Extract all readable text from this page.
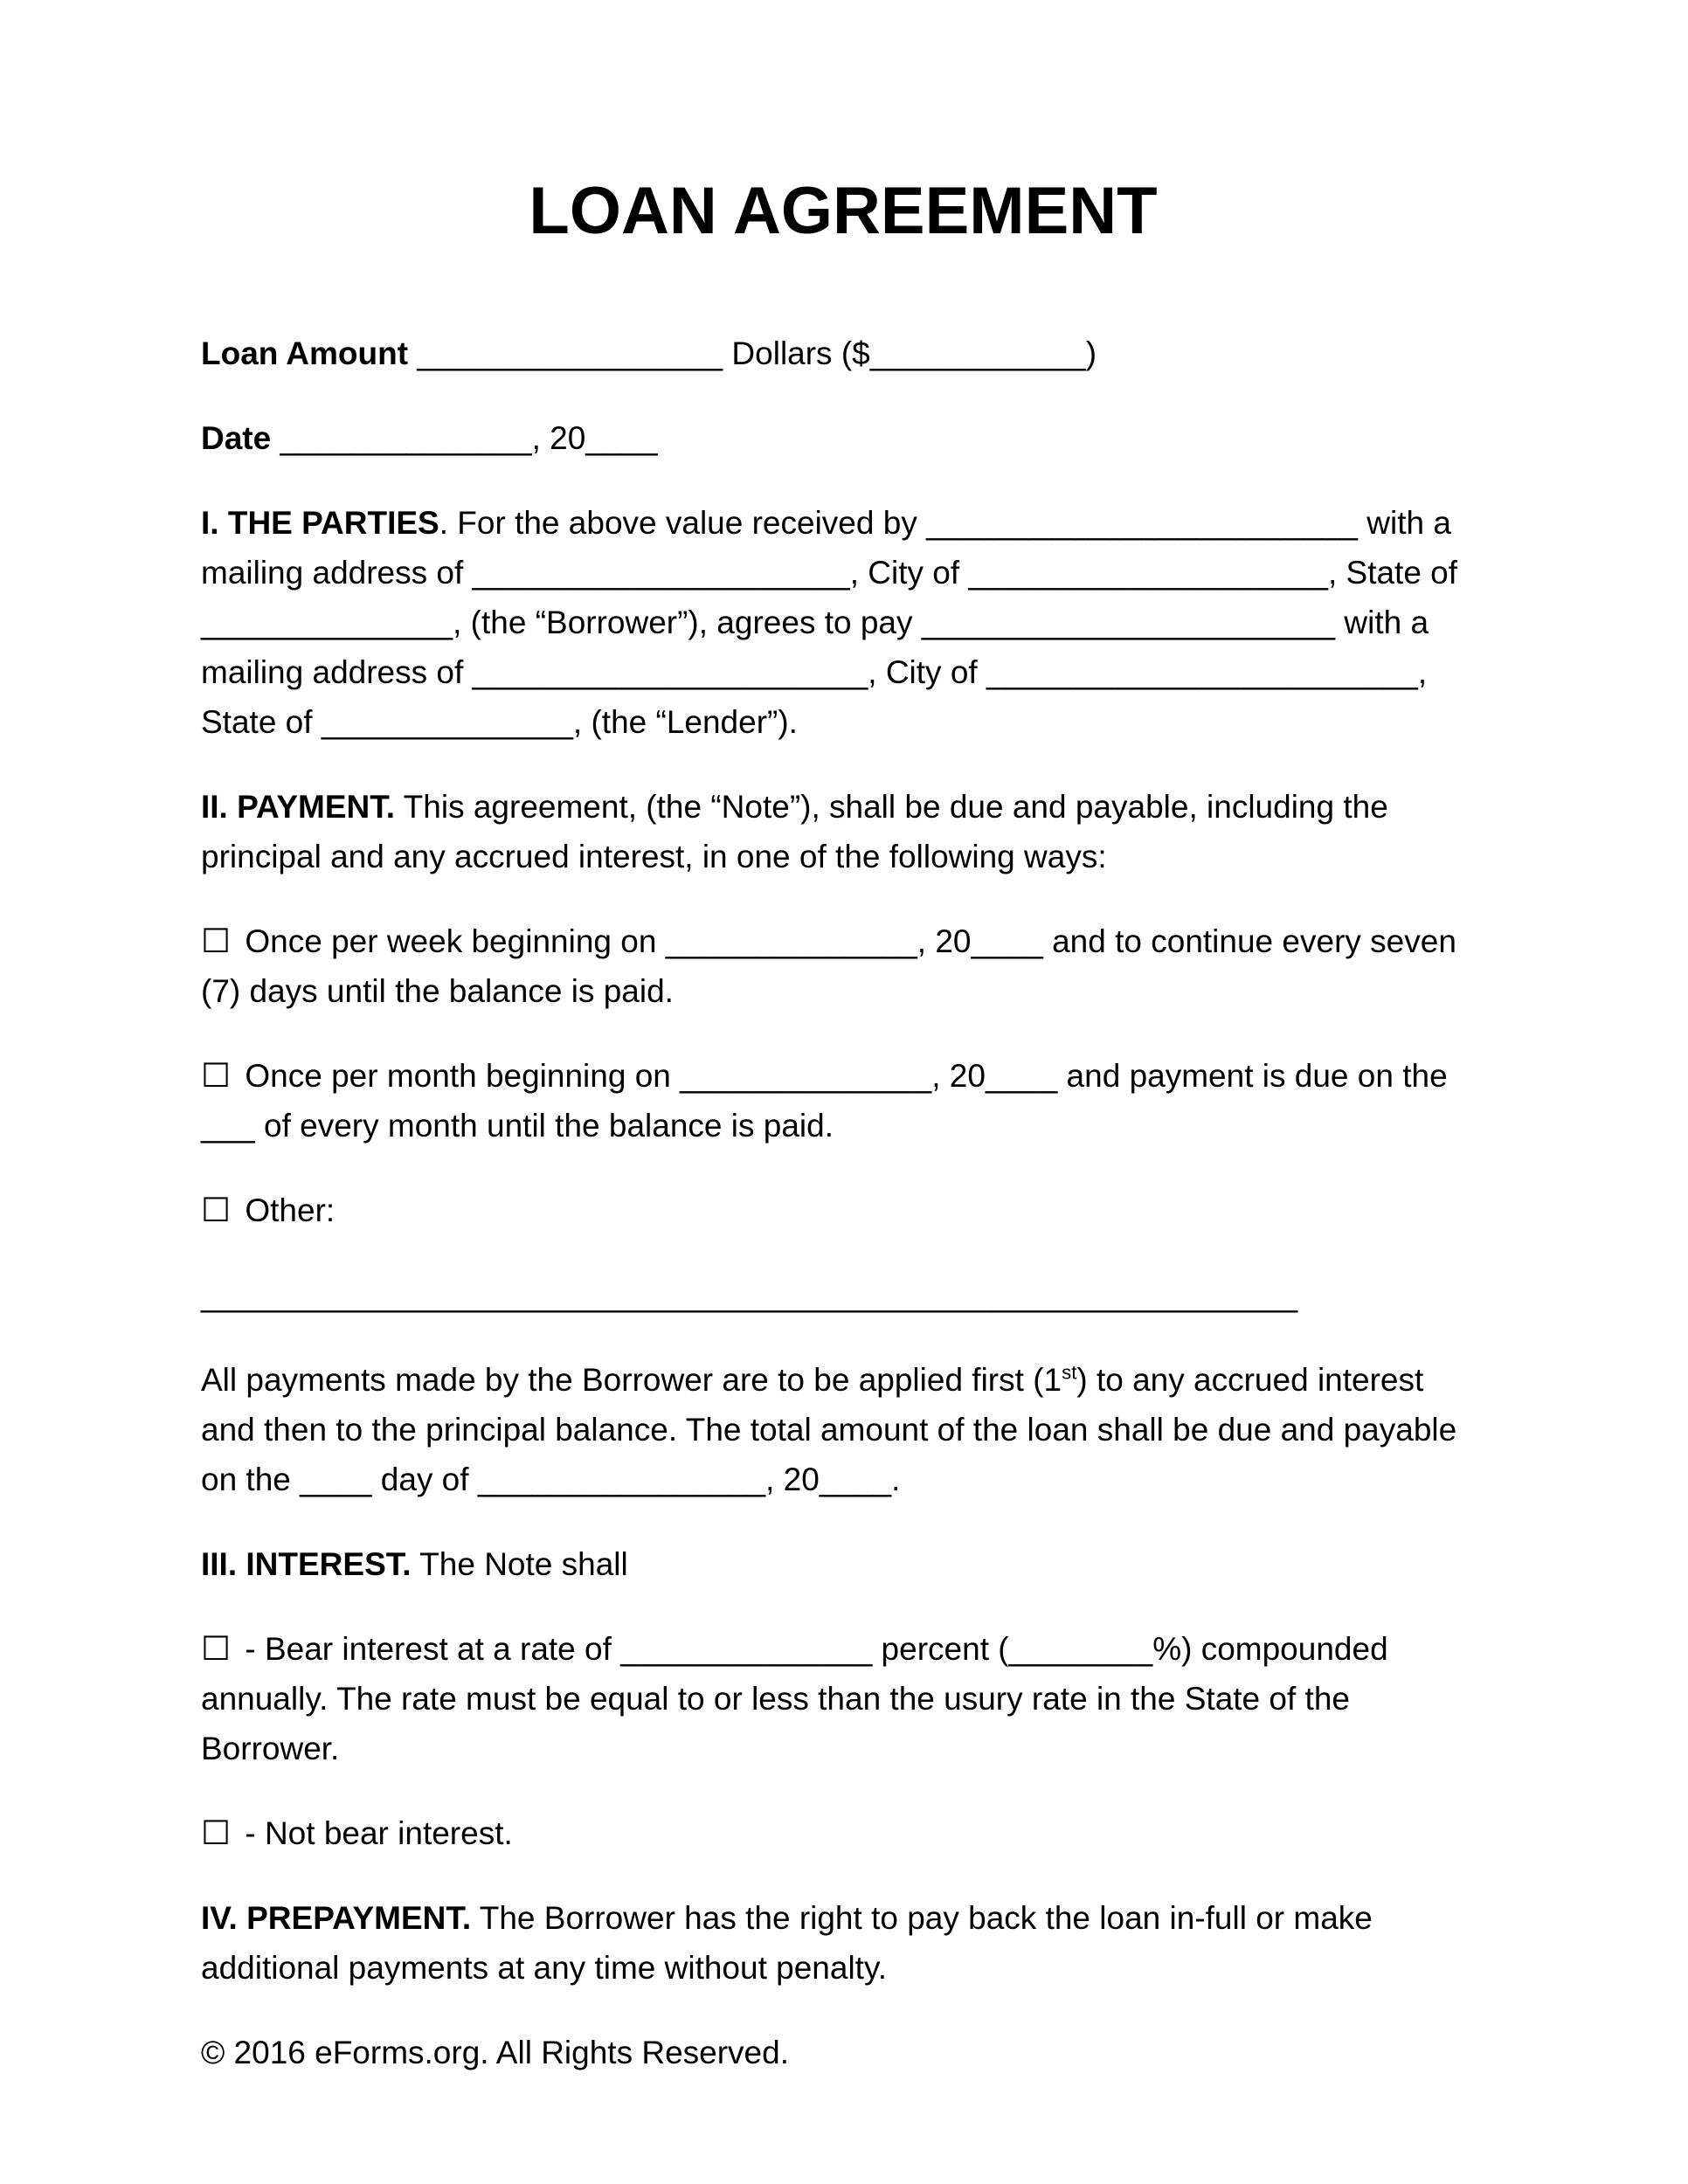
LOAN AGREEMENT

Loan Amount _________________ Dollars ($____________)

Date ______________, 20____

I. THE PARTIES. For the above value received by ________________________ with a mailing address of _____________________, City of ____________________, State of ______________, (the “Borrower”), agrees to pay _______________________ with a mailing address of ______________________, City of ________________________, State of ______________, (the “Lender”).

II. PAYMENT. This agreement, (the “Note”), shall be due and payable, including the principal and any accrued interest, in one of the following ways:

☐ Once per week beginning on ______________, 20____ and to continue every seven (7) days until the balance is paid.

☐ Once per month beginning on ______________, 20____ and payment is due on the ___ of every month until the balance is paid.

☐ Other:

_____________________________________________________________

All payments made by the Borrower are to be applied first (1st) to any accrued interest and then to the principal balance. The total amount of the loan shall be due and payable on the ____ day of ________________, 20____.

III. INTEREST. The Note shall

☐ - Bear interest at a rate of ______________ percent (________%) compounded annually. The rate must be equal to or less than the usury rate in the State of the Borrower.

☐ - Not bear interest.

IV. PREPAYMENT. The Borrower has the right to pay back the loan in-full or make additional payments at any time without penalty.

© 2016 eForms.org. All Rights Reserved.
